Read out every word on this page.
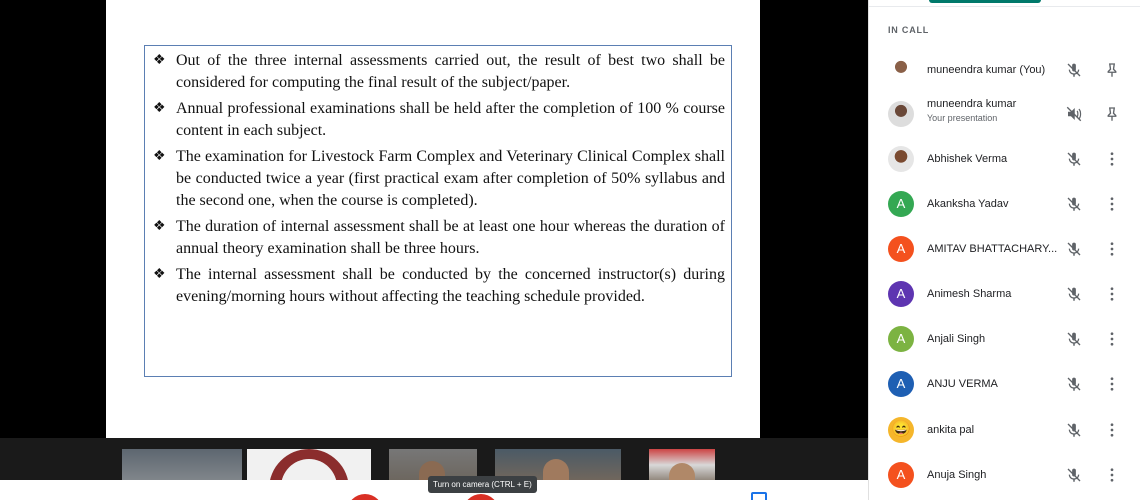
❖ Out of the three internal assessments carried out, the result of best two shall be considered for computing the final result of the subject/paper.
❖ Annual professional examinations shall be held after the completion of 100 % course content in each subject.
❖ The examination for Livestock Farm Complex and Veterinary Clinical Complex shall be conducted twice a year (first practical exam after completion of 50% syllabus and the second one, when the course is completed).
❖ The duration of internal assessment shall be at least one hour whereas the duration of annual theory examination shall be three hours.
❖ The internal assessment shall be conducted by the concerned instructor(s) during evening/morning hours without affecting the teaching schedule provided.
Turn on camera (CTRL + E)
IN CALL
muneendra kumar (You)
muneendra kumar
Your presentation
Abhishek Verma
A	Akanksha Yadav
A	AMITAV BHATTACHARY...
A	Animesh Sharma
A	Anjali Singh
A	ANJU VERMA
😄 ankita pal
A	Anuja Singh
